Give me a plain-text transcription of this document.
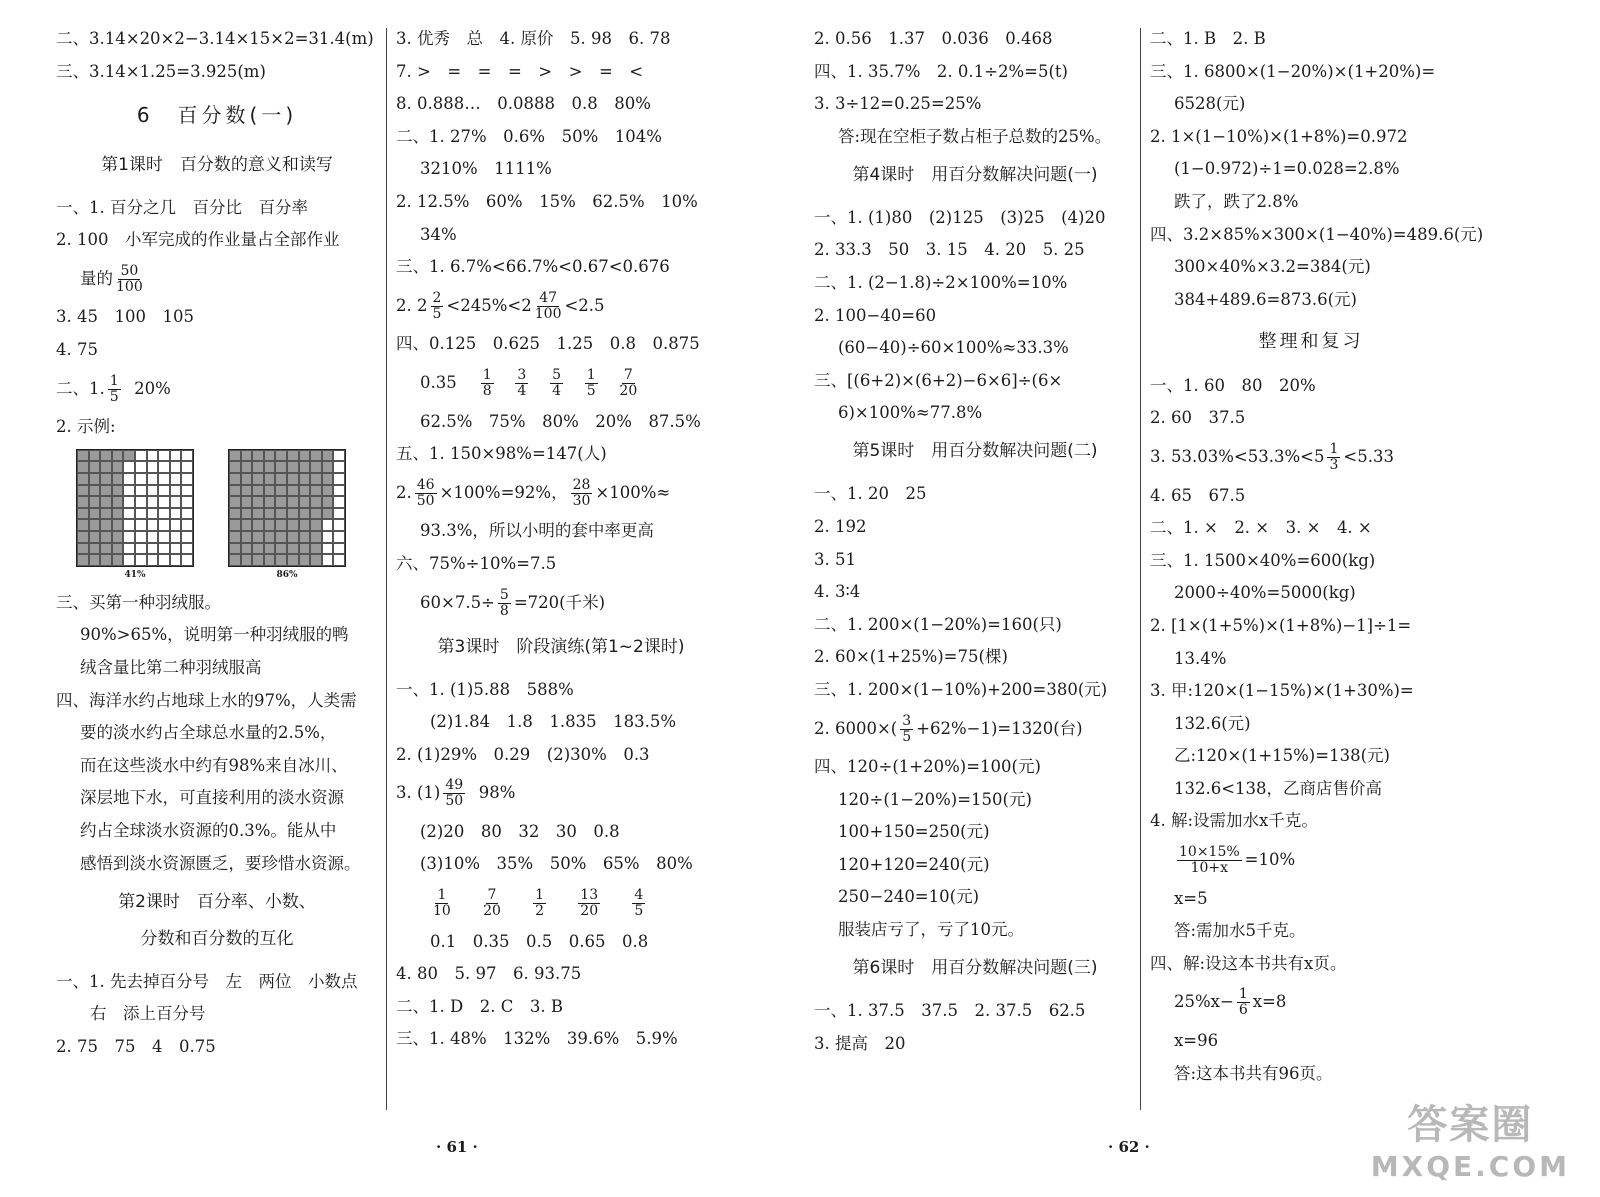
二、3.14×20×2−3.14×15×2=31.4(m)
三、3.14×1.25=3.925(m)
6　百分数(一)
第1课时　百分数的意义和读写
一、1. 百分之几　百分比　百分率
2. 100　小军完成的作业量占全部作业
量的 $\frac{50}{100}$
3. 45　100　105
4. 75
二、1. $\frac{1}{5} 20\%$
2. 示例:
41%	86%
三、买第一种羽绒服。
90%>65%，说明第一种羽绒服的鸭
绒含量比第二种羽绒服高
四、海洋水约占地球上水的97%，人类需
要的淡水约占全球总水量的2.5%，
而在这些淡水中约有98%来自冰川、
深层地下水，可直接利用的淡水资源
约占全球淡水资源的0.3%。能从中
感悟到淡水资源匮乏，要珍惜水资源。
第2课时　百分率、小数、
分数和百分数的互化
一、1. 先去掉百分号　左　两位　小数点
右　添上百分号
2. 75　75　4　0.75
3. 优秀　总　4. 原价　5. 98　6. 78
7. >　=　=　=　>　>　=　<
8. 0.888…　0.0888　0.8　80%
二、1. 27%　0.6%　50%　104%
3210%　1111%
2. 12.5%　60%　15%　62.5%　10%
34%
三、1. 6.7%<66.7%<0.67<0.6̇7̇6̇
2. $2 \frac{2}{5} <245\%<2 \frac{47}{100} <2.5$
四、0.125　0.625　1.25　0.8　0.875
$0.35 \frac{1}{8}$
$\frac{3}{4}$
$\frac{5}{4}$
$\frac{1}{5}$
$\frac{7}{20}$
62.5%　75%　80%　20%　87.5%
五、1. 150×98%=147(人)
2. $\frac{46}{50} \times 100\%=92\%$， $\frac{28}{30} \times 100\%\approx$
93.3%，所以小明的套中率更高
六、75%÷10%=7.5
$60\times 7.5\div \frac{5}{8} =720$(千米)
第3课时　阶段演练(第1~2课时)
一、1. (1)5.88　588%
(2)1.84　1.8　1.835　183.5%
2. (1)29%　0.29　(2)30%　0.3
3. $(1) \frac{49}{50} 98\%$
(2)20　80　32　30　0.8
(3)10%　35%　50%　65%　80%
$\frac{1}{10}$
$\frac{7}{20}$
$\frac{1}{2}$
$\frac{13}{20}$
$\frac{4}{5}$
0.1　0.35　0.5　0.65　0.8
4. 80　5. 97　6. 93.75
二、1. D　2. C　3. B
三、1. 48%　132%　39.6%　5.9%
· 61 ·
2. 0.56　1.37　0.036　0.468
四、1. 35.7%　2. 0.1÷2%=5(t)
3. 3÷12=0.25=25%
答:现在空柜子数占柜子总数的25%。
第4课时　用百分数解决问题(一)
一、1. (1)80　(2)125　(3)25　(4)20
2. 33.3　50　3. 15　4. 20　5. 25
二、1. (2−1.8)÷2×100%=10%
2. 100−40=60
(60−40)÷60×100%≈33.3%
三、[(6+2)×(6+2)−6×6]÷(6×
6)×100%≈77.8%
第5课时　用百分数解决问题(二)
一、1. 20　25
2. 192
3. 51
4. 3∶4
二、1. 200×(1−20%)=160(只)
2. 60×(1+25%)=75(棵)
三、1. 200×(1−10%)+200=380(元)
2. $6000\times( \frac{3}{5} +62\%-1)=1320$(台)
四、120÷(1+20%)=100(元)
120÷(1−20%)=150(元)
100+150=250(元)
120+120=240(元)
250−240=10(元)
服装店亏了，亏了10元。
第6课时　用百分数解决问题(三)
一、1. 37.5　37.5　2. 37.5　62.5
3. 提高　20
二、1. B　2. B
三、1. 6800×(1−20%)×(1+20%)=
6528(元)
2. 1×(1−10%)×(1+8%)=0.972
(1−0.972)÷1=0.028=2.8%
跌了，跌了2.8%
四、3.2×85%×300×(1−40%)=489.6(元)
300×40%×3.2=384(元)
384+489.6=873.6(元)
整理和复习
一、1. 60　80　20%
2. 60　37.5
3. $53.03\%<53.3\%<5 \frac{1}{3} <5.33$
4. 65　67.5
二、1. ×　2. ×　3. ×　4. ×
三、1. 1500×40%=600(kg)
2000÷40%=5000(kg)
2. [1×(1+5%)×(1+8%)−1]÷1=
13.4%
3. 甲:120×(1−15%)×(1+30%)=
132.6(元)
乙:120×(1+15%)=138(元)
132.6<138，乙商店售价高
4. 解:设需加水x千克。
$\frac{10\times 15\%}{10+x} =10\%$
x=5
答:需加水5千克。
四、解:设这本书共有x页。
$25\%x- \frac{1}{6} x=8$
x=96
答:这本书共有96页。
· 62 ·	答案圈
MXQE.COM
